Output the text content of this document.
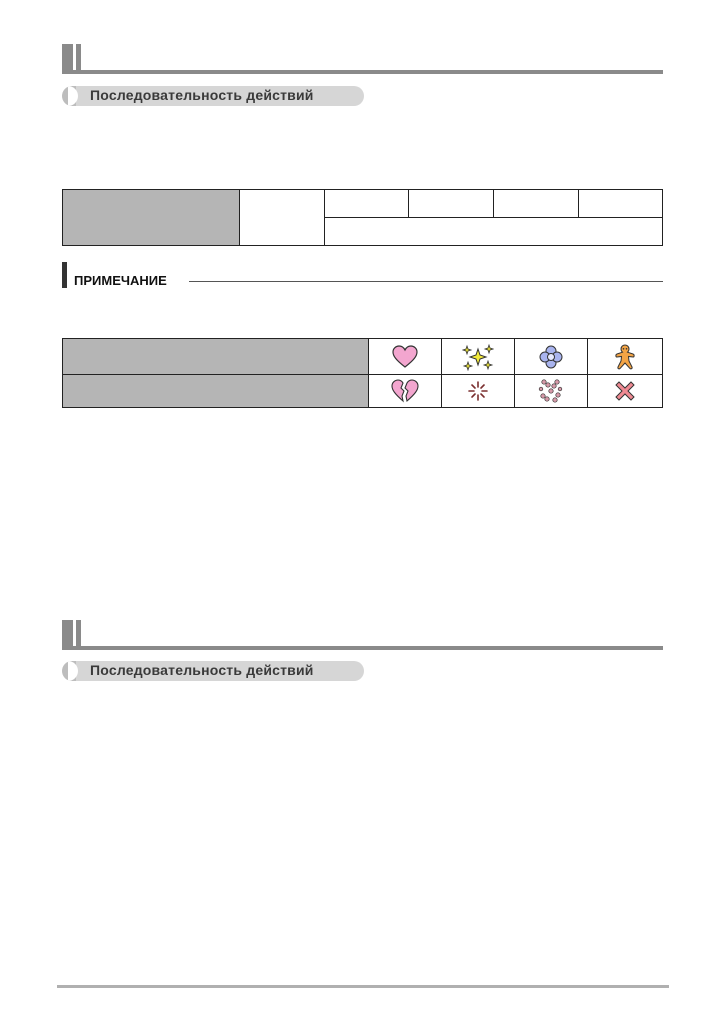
Последовательность действий
ПРИМЕЧАНИЕ
Последовательность действий
